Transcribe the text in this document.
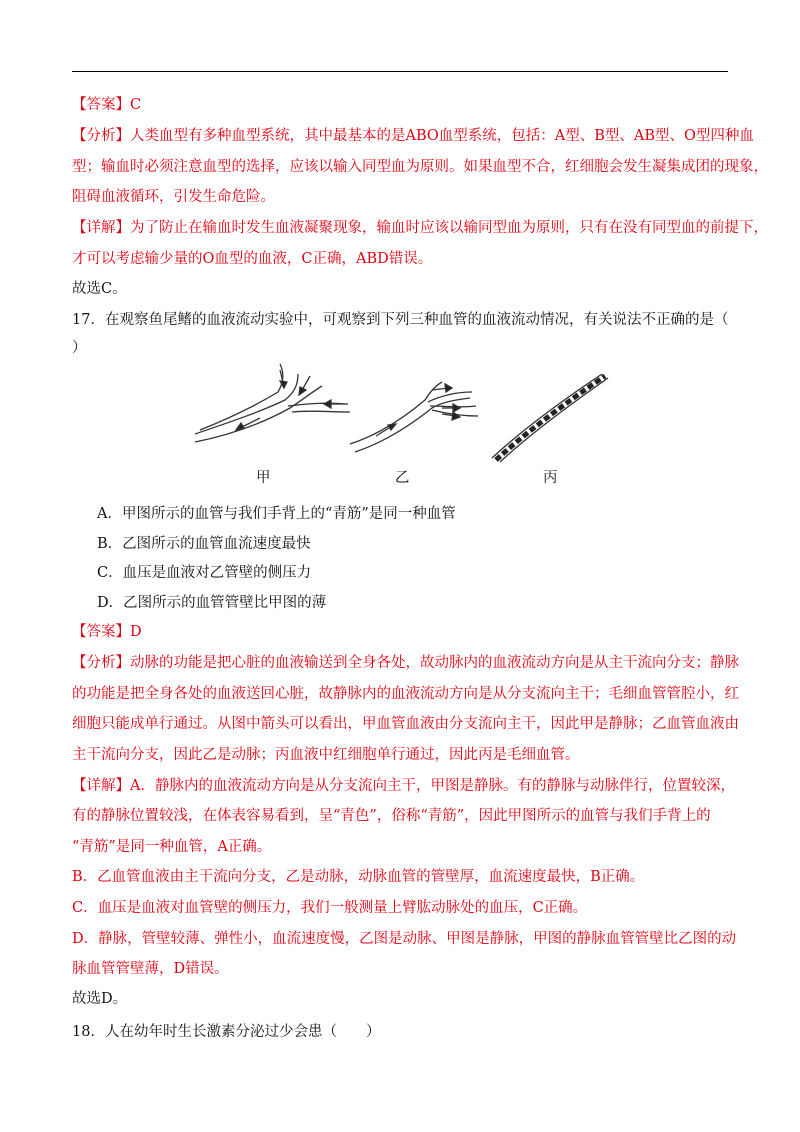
【答案】C
【分析】人类血型有多种血型系统，其中最基本的是ABO血型系统，包括：A型、B型、AB型、O型四种血
型；输血时必须注意血型的选择，应该以输入同型血为原则。如果血型不合，红细胞会发生凝集成团的现象，
阻碍血液循环，引发生命危险。
【详解】为了防止在输血时发生血液凝聚现象，输血时应该以输同型血为原则，只有在没有同型血的前提下，
才可以考虑输少量的O血型的血液，C正确，ABD错误。
故选C。
17．在观察鱼尾鳍的血液流动实验中，可观察到下列三种血管的血液流动情况，有关说法不正确的是（
）
甲	乙	丙
A．甲图所示的血管与我们手背上的“青筋”是同一种血管
B．乙图所示的血管血流速度最快
C．血压是血液对乙管壁的侧压力
D．乙图所示的血管管壁比甲图的薄
【答案】D
【分析】动脉的功能是把心脏的血液输送到全身各处，故动脉内的血液流动方向是从主干流向分支；静脉
的功能是把全身各处的血液送回心脏，故静脉内的血液流动方向是从分支流向主干；毛细血管管腔小，红
细胞只能成单行通过。从图中箭头可以看出，甲血管血液由分支流向主干，因此甲是静脉；乙血管血液由
主干流向分支，因此乙是动脉；丙血液中红细胞单行通过，因此丙是毛细血管。
【详解】A．静脉内的血液流动方向是从分支流向主干，甲图是静脉。有的静脉与动脉伴行，位置较深，
有的静脉位置较浅，在体表容易看到，呈“青色”，俗称“青筋”，因此甲图所示的血管与我们手背上的
“青筋”是同一种血管，A正确。
B．乙血管血液由主干流向分支，乙是动脉，动脉血管的管壁厚，血流速度最快，B正确。
C．血压是血液对血管壁的侧压力，我们一般测量上臂肱动脉处的血压，C正确。
D．静脉，管壁较薄、弹性小，血流速度慢，乙图是动脉、甲图是静脉，甲图的静脉血管管壁比乙图的动
脉血管管壁薄，D错误。
故选D。
18．人在幼年时生长激素分泌过少会患（　　）
